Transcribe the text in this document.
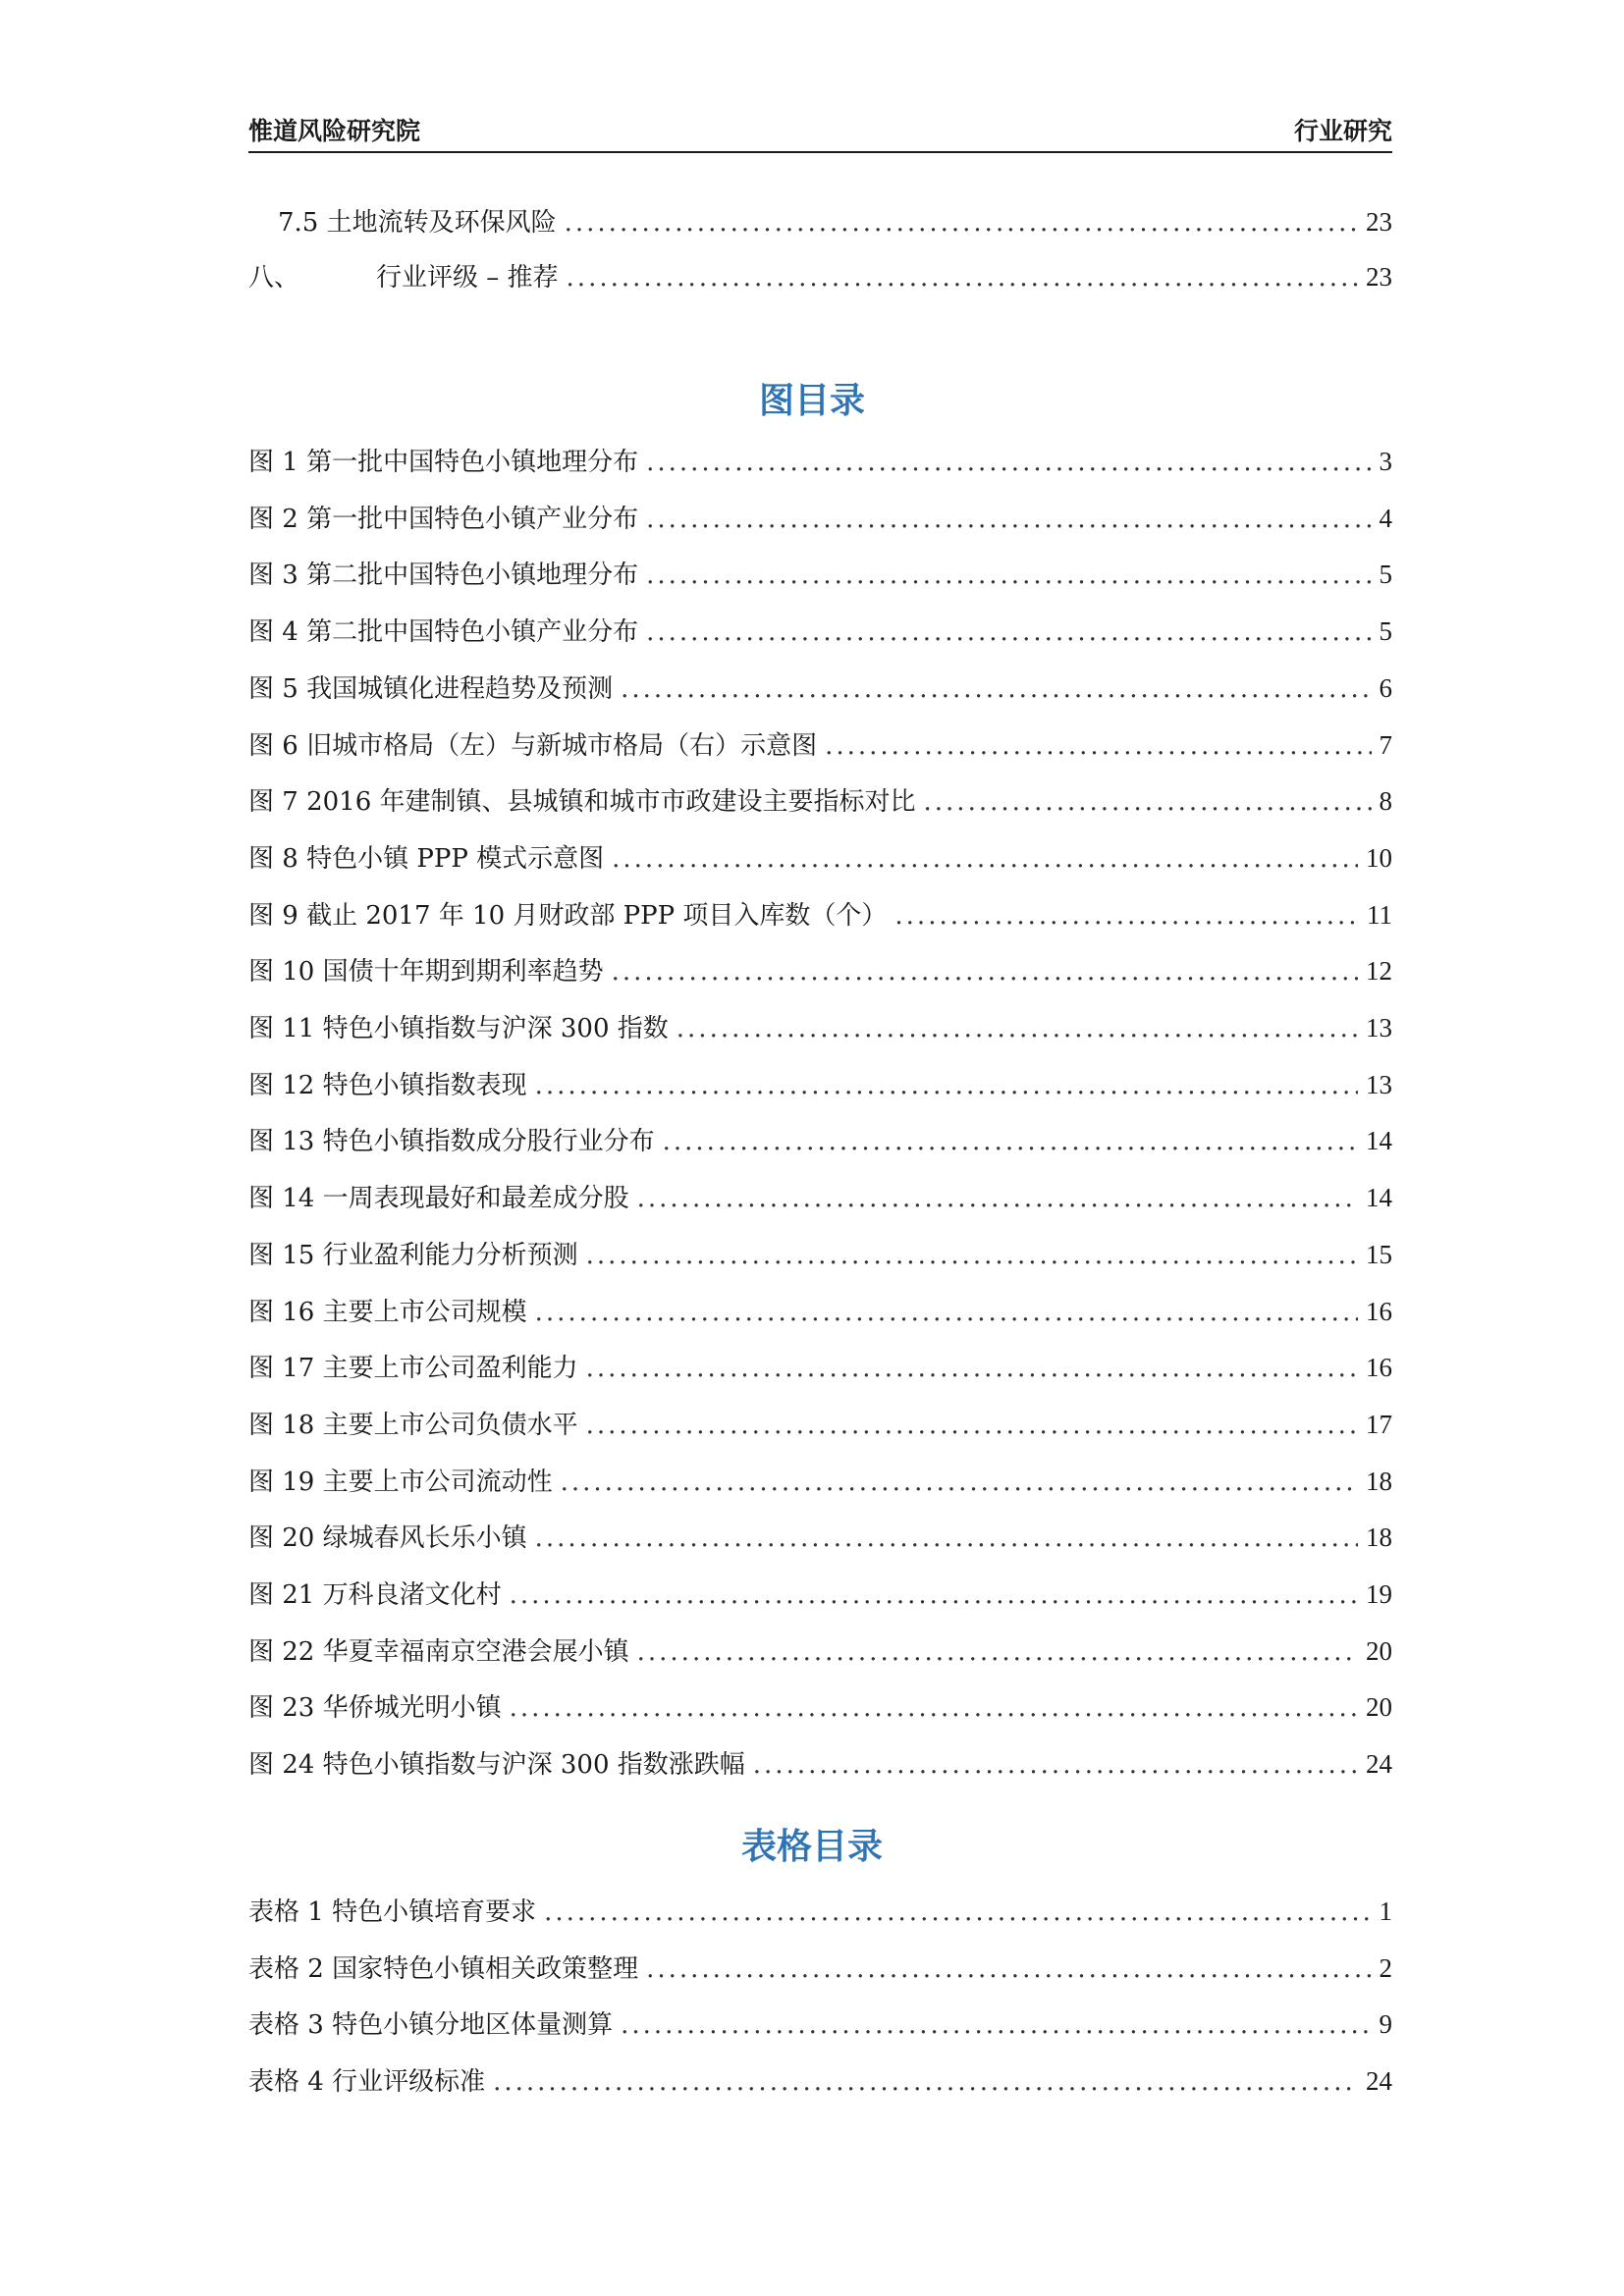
惟道风险研究院	行业研究
7.5 土地流转及环保风险 .....	23
八、	行业评级 – 推荐 .....	23
图目录
图 1 第一批中国特色小镇地理分布 .....	3
图 2 第一批中国特色小镇产业分布 .....	4
图 3 第二批中国特色小镇地理分布 .....	5
图 4 第二批中国特色小镇产业分布 .....	5
图 5 我国城镇化进程趋势及预测 .....	6
图 6 旧城市格局（左）与新城市格局（右）示意图 .....	7
图 7 2016 年建制镇、县城镇和城市市政建设主要指标对比 .....	8
图 8 特色小镇 PPP 模式示意图 .....	10
图 9 截止 2017 年 10 月财政部 PPP 项目入库数（个） .....	11
图 10 国债十年期到期利率趋势 .....	12
图 11 特色小镇指数与沪深 300 指数 .....	13
图 12 特色小镇指数表现 .....	13
图 13 特色小镇指数成分股行业分布 .....	14
图 14 一周表现最好和最差成分股 .....	14
图 15 行业盈利能力分析预测 .....	15
图 16 主要上市公司规模 .....	16
图 17 主要上市公司盈利能力 .....	16
图 18 主要上市公司负债水平 .....	17
图 19 主要上市公司流动性 .....	18
图 20 绿城春风长乐小镇 .....	18
图 21 万科良渚文化村 .....	19
图 22 华夏幸福南京空港会展小镇 .....	20
图 23 华侨城光明小镇 .....	20
图 24 特色小镇指数与沪深 300 指数涨跌幅 .....	24
表格目录
表格 1 特色小镇培育要求 .....	1
表格 2 国家特色小镇相关政策整理 .....	2
表格 3 特色小镇分地区体量测算 .....	9
表格 4 行业评级标准 .....	24
